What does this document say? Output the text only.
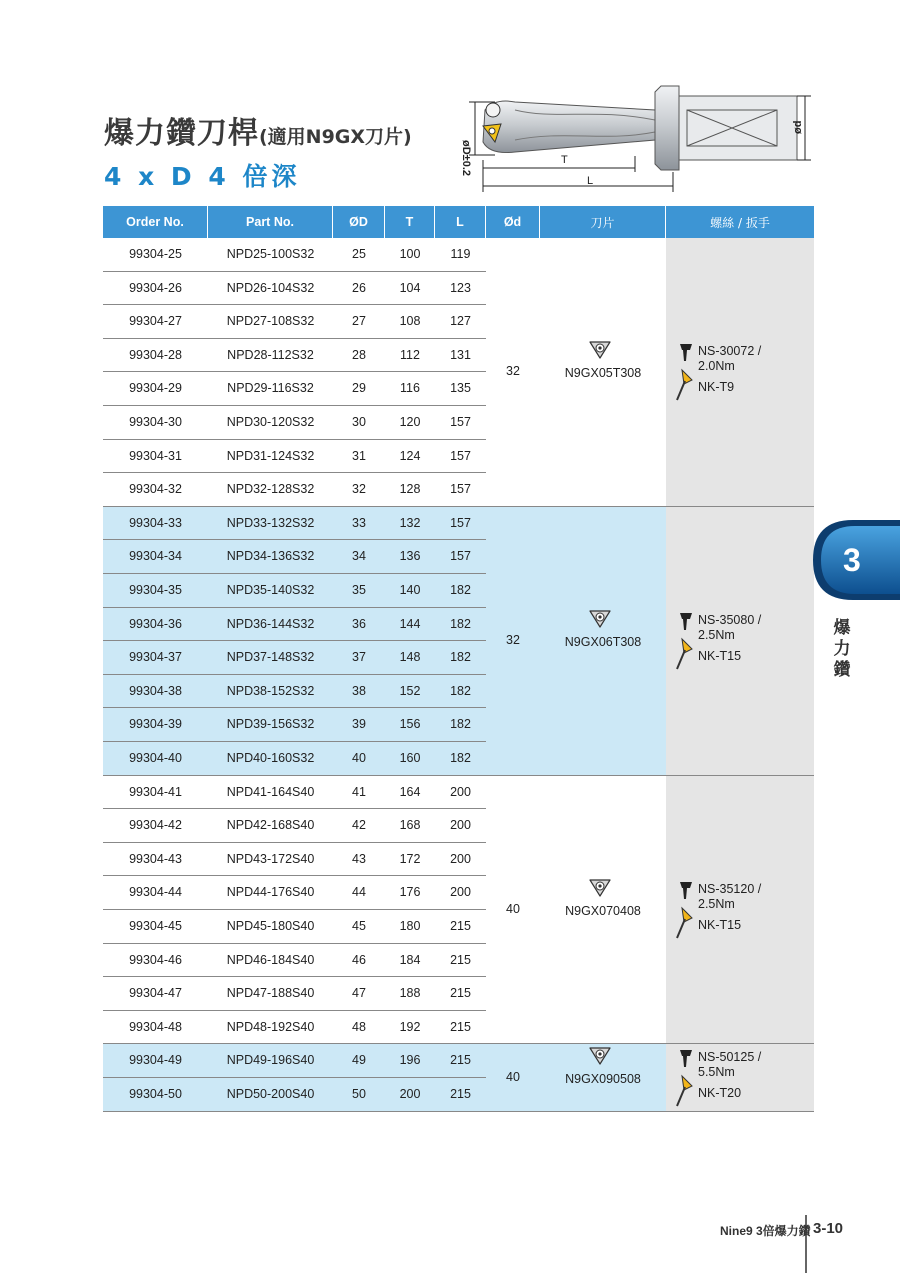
爆力鑽刀桿(適用N9GX刀片)
4 x D 4 倍深
øD±0.2
ød
T
L
Order No.	Part No.	ØD	T	L	Ød	刀片	螺絲 / 扳手
99304-25	NPD25-100S32	25	100	119
99304-26	NPD26-104S32	26	104	123
99304-27	NPD27-108S32	27	108	127
99304-28	NPD28-112S32	28	112	131
99304-29	NPD29-116S32	29	116	135
99304-30	NPD30-120S32	30	120	157
99304-31	NPD31-124S32	31	124	157
99304-32	NPD32-128S32	32	128	157
32	N9GX05T308
NS-30072 /
2.0Nm
NK-T9
99304-33	NPD33-132S32	33	132	157
99304-34	NPD34-136S32	34	136	157
99304-35	NPD35-140S32	35	140	182
99304-36	NPD36-144S32	36	144	182
99304-37	NPD37-148S32	37	148	182
99304-38	NPD38-152S32	38	152	182
99304-39	NPD39-156S32	39	156	182
99304-40	NPD40-160S32	40	160	182
32	N9GX06T308
NS-35080 /
2.5Nm
NK-T15
99304-41	NPD41-164S40	41	164	200
99304-42	NPD42-168S40	42	168	200
99304-43	NPD43-172S40	43	172	200
99304-44	NPD44-176S40	44	176	200
99304-45	NPD45-180S40	45	180	215
99304-46	NPD46-184S40	46	184	215
99304-47	NPD47-188S40	47	188	215
99304-48	NPD48-192S40	48	192	215
40	N9GX070408
NS-35120 /
2.5Nm
NK-T15
99304-49	NPD49-196S40	49	196	215
99304-50	NPD50-200S40	50	200	215
40	N9GX090508
NS-50125 /
5.5Nm
NK-T20
3
爆力鑽
Nine9 3倍爆力鑽 3-10
